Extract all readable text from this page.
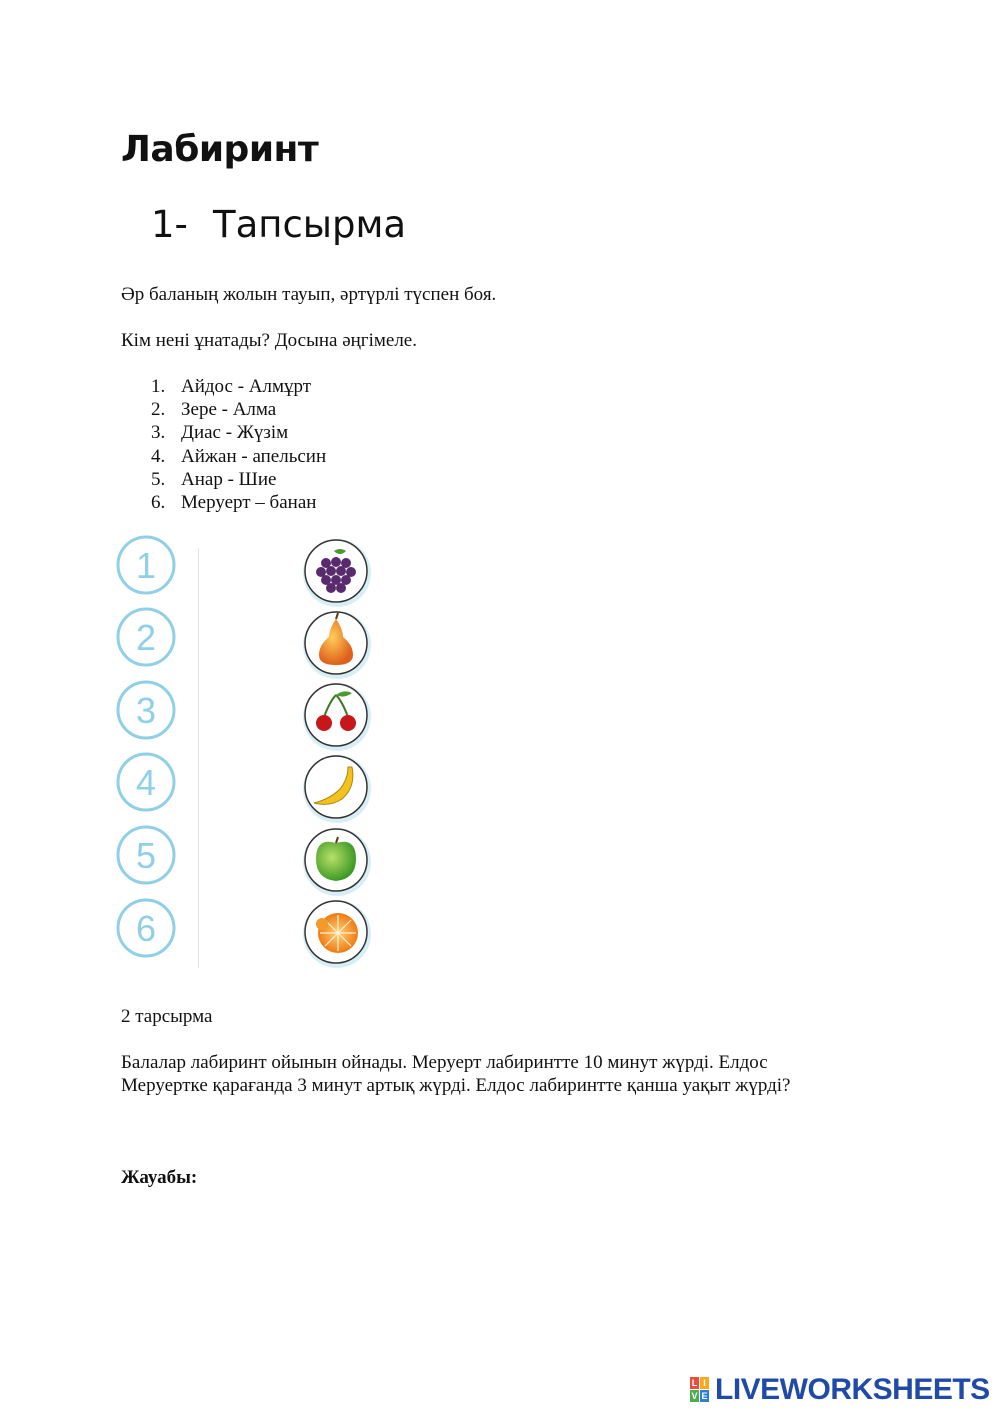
Лабиринт
1- Тапсырма

Әр баланың жолын тауып, әртүрлі түспен боя.

Кім нені ұнатады? Досына әңгімеле.

1. Айдос - Алмұрт
2. Зере - Алма
3. Диас - Жүзім
4. Айжан - апельсин
5. Анар - Шие
6. Меруерт – банан
1
2
3
4
5
6

2 тарсырма

Балалар лабиринт ойынын ойнады. Меруерт лабиринтте 10 минут жүрді. Елдос

Меруертке қарағанда 3 минут артық жүрді. Елдос лабиринтте қанша уақыт жүрді?

Жауабы:

L I
V E LIVEWORKSHEETS
